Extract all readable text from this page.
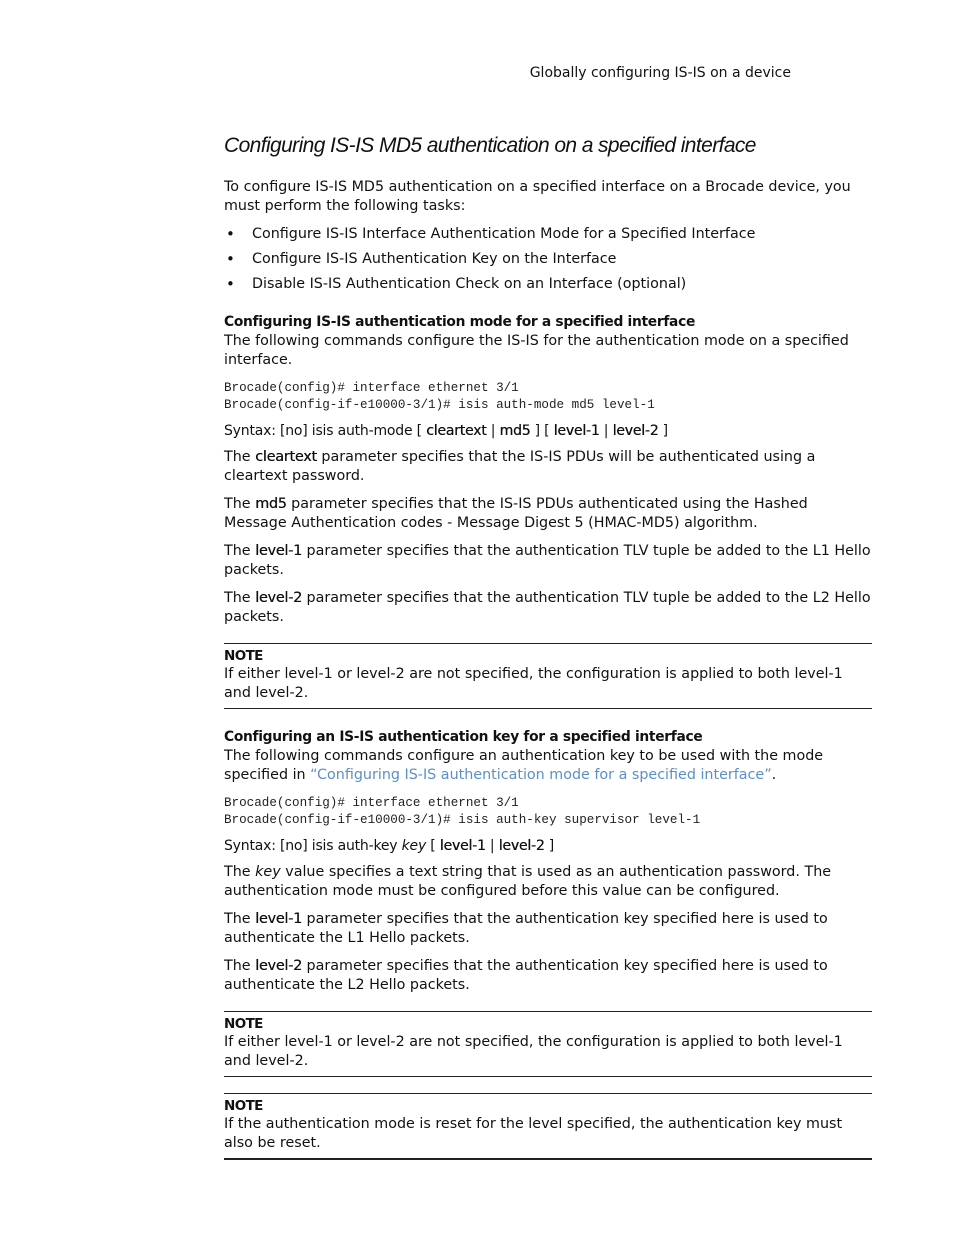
Globally configuring IS-IS on a device
Configuring IS-IS MD5 authentication on a specified interface

To configure IS-IS MD5 authentication on a specified interface on a Brocade device, you must perform the following tasks:

• Configure IS-IS Interface Authentication Mode for a Specified Interface
• Configure IS-IS Authentication Key on the Interface
• Disable IS-IS Authentication Check on an Interface (optional)
Configuring IS-IS authentication mode for a specified interface

The following commands configure the IS-IS for the authentication mode on a specified interface.

Brocade(config)# interface ethernet 3/1
Brocade(config-if-e10000-3/1)# isis auth-mode md5 level-1
Syntax: [no] isis auth-mode [ cleartext | md5 ] [ level-1 | level-2 ]

The cleartext parameter specifies that the IS-IS PDUs will be authenticated using a cleartext password.

The md5 parameter specifies that the IS-IS PDUs authenticated using the Hashed Message Authentication codes - Message Digest 5 (HMAC-MD5) algorithm.

The level-1 parameter specifies that the authentication TLV tuple be added to the L1 Hello packets.

The level-2 parameter specifies that the authentication TLV tuple be added to the L2 Hello packets.

NOTE
If either level-1 or level-2 are not specified, the configuration is applied to both level-1 and level-2.
Configuring an IS-IS authentication key for a specified interface

The following commands configure an authentication key to be used with the mode specified in “Configuring IS-IS authentication mode for a specified interface”.

Brocade(config)# interface ethernet 3/1
Brocade(config-if-e10000-3/1)# isis auth-key supervisor level-1
Syntax: [no] isis auth-key key [ level-1 | level-2 ]

The key value specifies a text string that is used as an authentication password. The authentication mode must be configured before this value can be configured.

The level-1 parameter specifies that the authentication key specified here is used to authenticate the L1 Hello packets.

The level-2 parameter specifies that the authentication key specified here is used to authenticate the L2 Hello packets.

NOTE
If either level-1 or level-2 are not specified, the configuration is applied to both level-1 and level-2.
NOTE
If the authentication mode is reset for the level specified, the authentication key must also be reset.
